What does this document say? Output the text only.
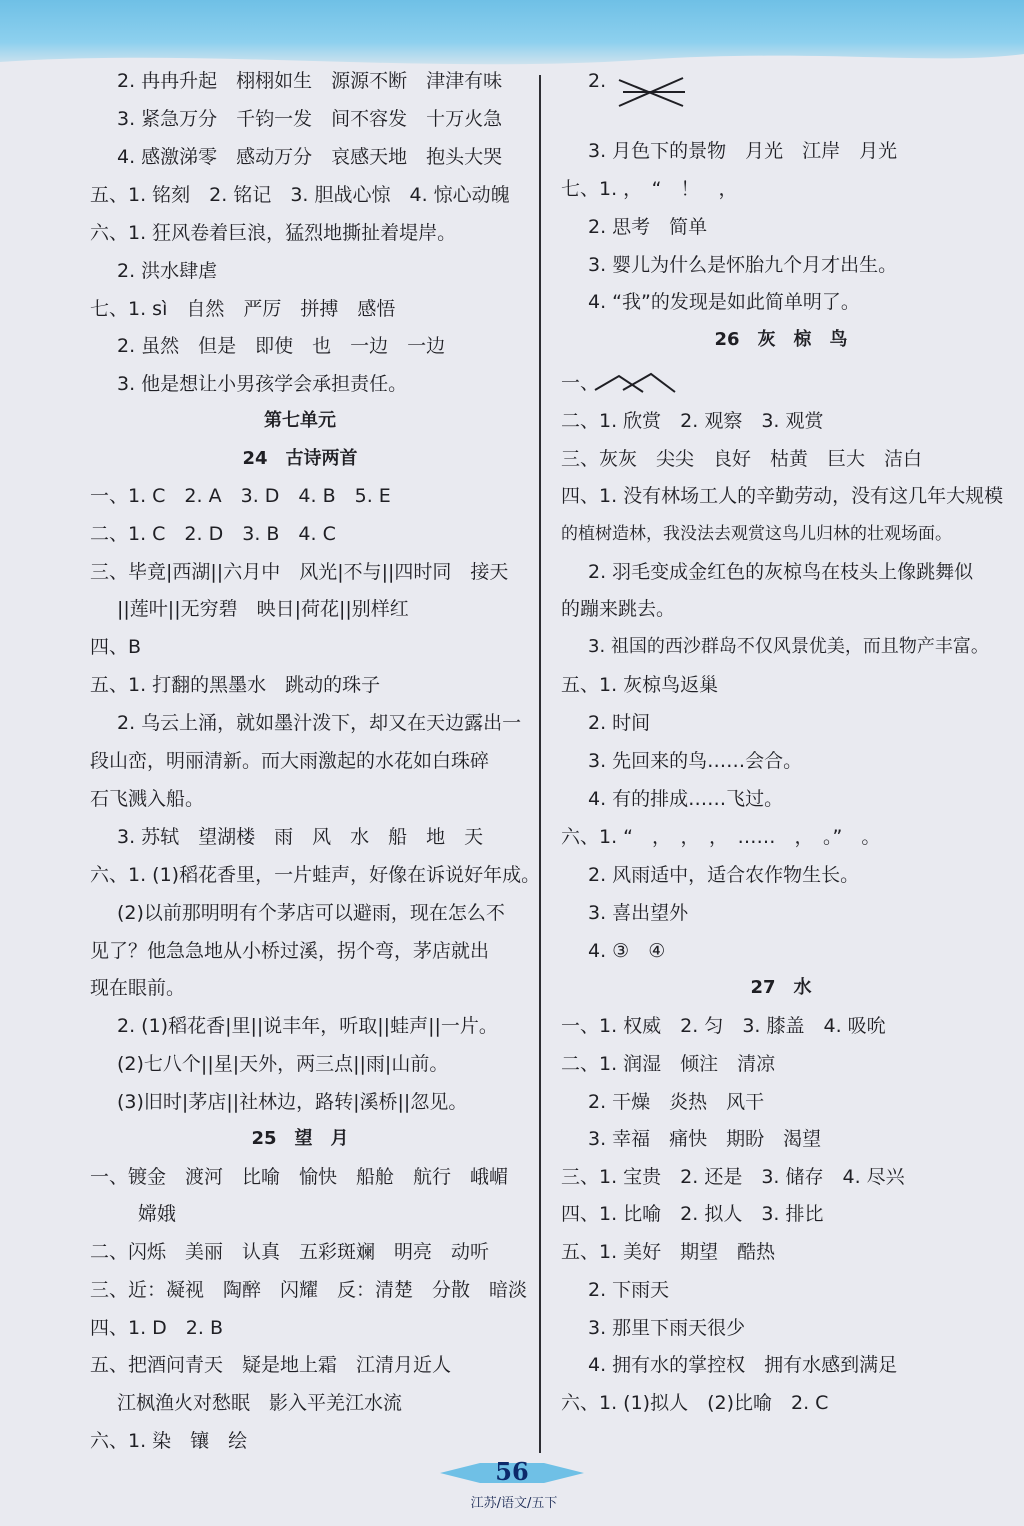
2. 冉冉升起　栩栩如生　源源不断　津津有味
3. 紧急万分　千钧一发　间不容发　十万火急
4. 感激涕零　感动万分　哀感天地　抱头大哭
五、1. 铭刻　2. 铭记　3. 胆战心惊　4. 惊心动魄
六、1. 狂风卷着巨浪，猛烈地撕扯着堤岸。
2. 洪水肆虐
七、1. sì　自然　严厉　拼搏　感悟
2. 虽然　但是　即使　也　一边　一边
3. 他是想让小男孩学会承担责任。
第七单元
24　古诗两首
一、1. C　2. A　3. D　4. B　5. E
二、1. C　2. D　3. B　4. C
三、毕竟|西湖||六月中　风光|不与||四时同　接天
||莲叶||无穷碧　映日|荷花||别样红
四、B
五、1. 打翻的黑墨水　跳动的珠子
2. 乌云上涌，就如墨汁泼下，却又在天边露出一
段山峦，明丽清新。而大雨激起的水花如白珠碎
石飞溅入船。
3. 苏轼　望湖楼　雨　风　水　船　地　天
六、1. (1)稻花香里，一片蛙声，好像在诉说好年成。
(2)以前那明明有个茅店可以避雨，现在怎么不
见了？他急急地从小桥过溪，拐个弯，茅店就出
现在眼前。
2. (1)稻花香|里||说丰年，听取||蛙声||一片。
(2)七八个||星|天外，两三点||雨|山前。
(3)旧时|茅店||社林边，路转|溪桥||忽见。
25　望　月
一、镀金　渡河　比喻　愉快　船舱　航行　峨嵋
嫦娥
二、闪烁　美丽　认真　五彩斑斓　明亮　动听
三、近：凝视　陶醉　闪耀　反：清楚　分散　暗淡
四、1. D　2. B
五、把酒问青天　疑是地上霜　江清月近人
江枫渔火对愁眠　影入平羌江水流
六、1. 染　镶　绘
2.
3. 月色下的景物　月光　江岸　月光
七、1. ，　“　！　，
2. 思考　简单
3. 婴儿为什么是怀胎九个月才出生。
4. “我”的发现是如此简单明了。
26　灰　椋　鸟
一、
二、1. 欣赏　2. 观察　3. 观赏
三、灰灰　尖尖　良好　枯黄　巨大　洁白
四、1. 没有林场工人的辛勤劳动，没有这几年大规模
的植树造林，我没法去观赏这鸟儿归林的壮观场面。
2. 羽毛变成金红色的灰椋鸟在枝头上像跳舞似
的蹦来跳去。
3. 祖国的西沙群岛不仅风景优美，而且物产丰富。
五、1. 灰椋鸟返巢
2. 时间
3. 先回来的鸟……会合。
4. 有的排成……飞过。
六、1. “　，　，　，　……　，　。”　。
2. 风雨适中，适合农作物生长。
3. 喜出望外
4. ③　④
27　水
一、1. 权威　2. 匀　3. 膝盖　4. 吸吮
二、1. 润湿　倾注　清凉
2. 干燥　炎热　风干
3. 幸福　痛快　期盼　渴望
三、1. 宝贵　2. 还是　3. 储存　4. 尽兴
四、1. 比喻　2. 拟人　3. 排比
五、1. 美好　期望　酷热
2. 下雨天
3. 那里下雨天很少
4. 拥有水的掌控权　拥有水感到满足
六、1. (1)拟人　(2)比喻　2. C
56
江苏/语文/五下
